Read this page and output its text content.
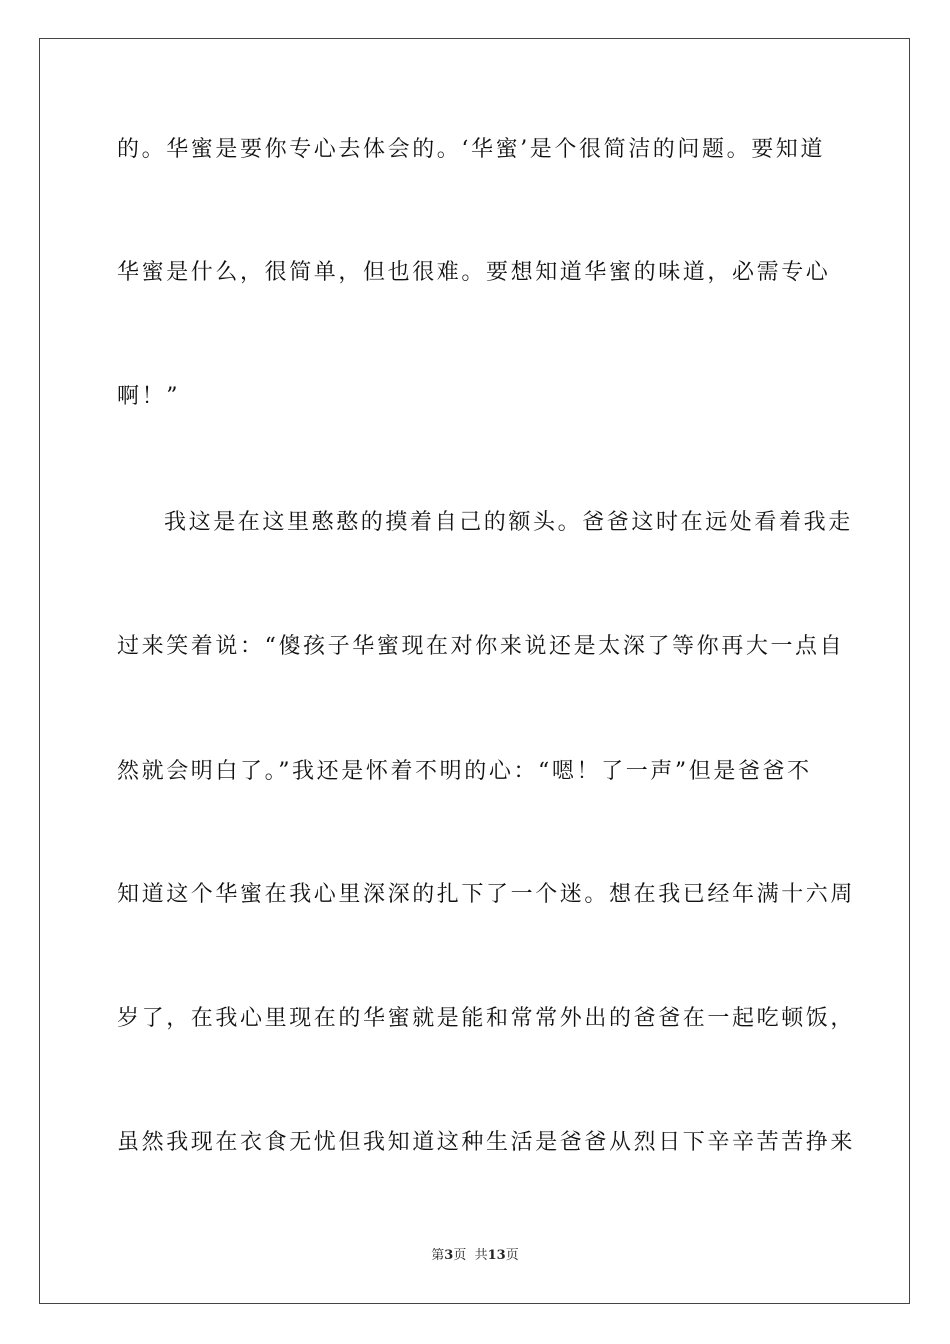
的。华蜜是要你专心去体会的。‘华蜜’是个很简洁的问题。要知道
华蜜是什么，很简单，但也很难。要想知道华蜜的味道，必需专心
啊！”
我这是在这里憨憨的摸着自己的额头。爸爸这时在远处看着我走
过来笑着说：“傻孩子华蜜现在对你来说还是太深了等你再大一点自
然就会明白了。”我还是怀着不明的心：“嗯！了一声”但是爸爸不
知道这个华蜜在我心里深深的扎下了一个迷。想在我已经年满十六周
岁了，在我心里现在的华蜜就是能和常常外出的爸爸在一起吃顿饭，
虽然我现在衣食无忧但我知道这种生活是爸爸从烈日下辛辛苦苦挣来
第3页  共13页
